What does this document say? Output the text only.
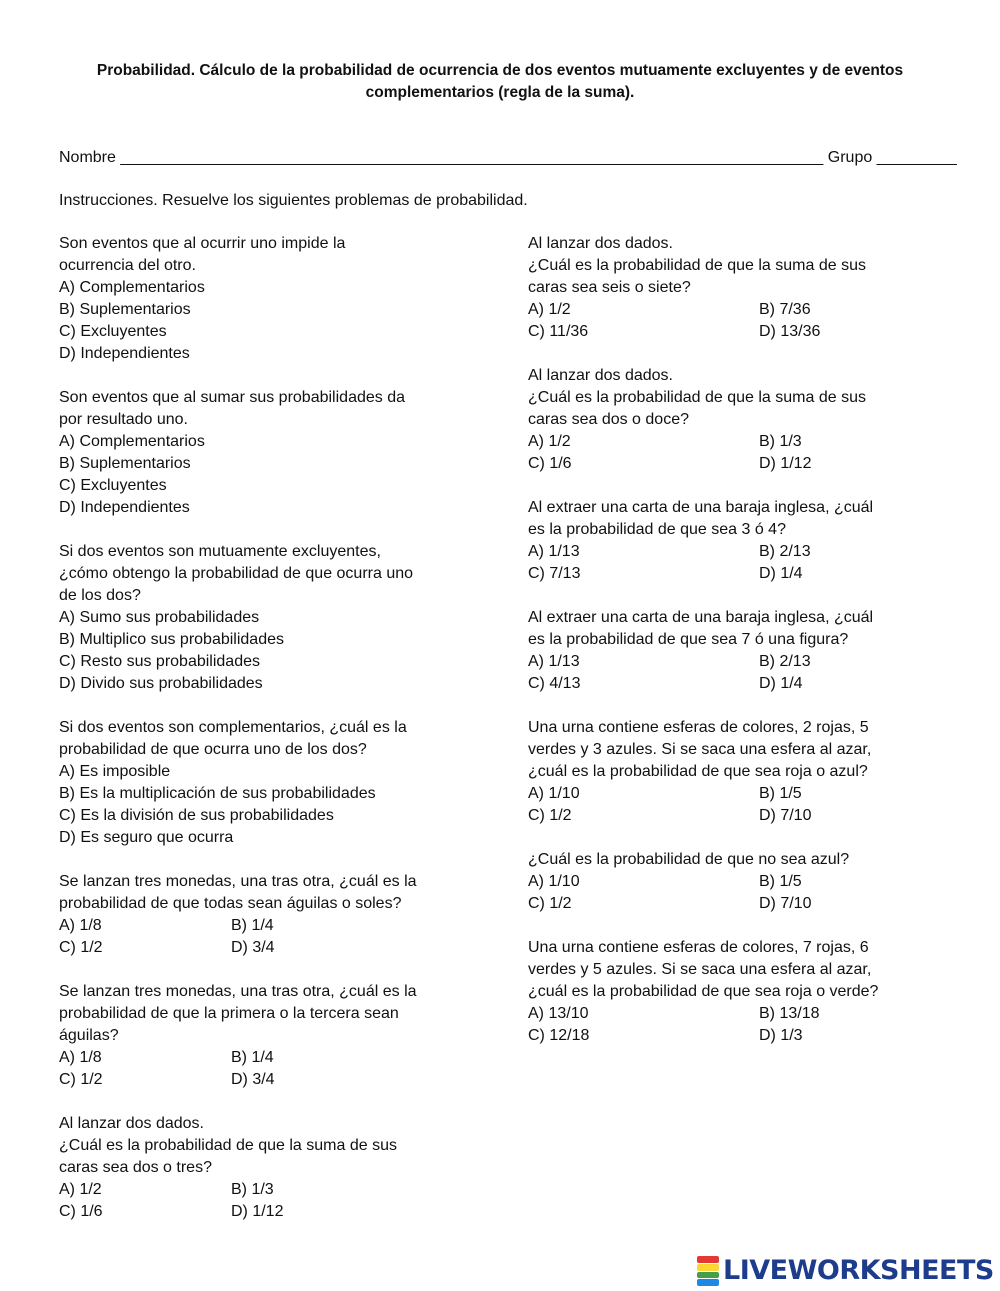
Probabilidad. Cálculo de la probabilidad de ocurrencia de dos eventos mutuamente excluyentes y de eventos complementarios (regla de la suma).
Nombre _______________________________________________________________________________ Grupo _________
Instrucciones. Resuelve los siguientes problemas de probabilidad.
Son eventos que al ocurrir uno impide la
ocurrencia del otro.
A) Complementarios
B) Suplementarios
C) Excluyentes
D) Independientes
Son eventos que al sumar sus probabilidades da
por resultado uno.
A) Complementarios
B) Suplementarios
C) Excluyentes
D) Independientes
Si dos eventos son mutuamente excluyentes,
¿cómo obtengo la probabilidad de que ocurra uno
de los dos?
A) Sumo sus probabilidades
B) Multiplico sus probabilidades
C) Resto sus probabilidades
D) Divido sus probabilidades
Si dos eventos son complementarios, ¿cuál es la
probabilidad de que ocurra uno de los dos?
A) Es imposible
B) Es la multiplicación de sus probabilidades
C) Es la división de sus probabilidades
D) Es seguro que ocurra
Se lanzan tres monedas, una tras otra, ¿cuál es la
probabilidad de que todas sean águilas o soles?
A) 1/8	B) 1/4
C) 1/2	D) 3/4
Se lanzan tres monedas, una tras otra, ¿cuál es la
probabilidad de que la primera o la tercera sean
águilas?
A) 1/8	B) 1/4
C) 1/2	D) 3/4
Al lanzar dos dados.
¿Cuál es la probabilidad de que la suma de sus
caras sea dos o tres?
A) 1/2	B) 1/3
C) 1/6	D) 1/12
Al lanzar dos dados.
¿Cuál es la probabilidad de que la suma de sus
caras sea seis o siete?
A) 1/2	B) 7/36
C) 11/36	D) 13/36
Al lanzar dos dados.
¿Cuál es la probabilidad de que la suma de sus
caras sea dos o doce?
A) 1/2	B) 1/3
C) 1/6	D) 1/12
Al extraer una carta de una baraja inglesa, ¿cuál
es la probabilidad de que sea 3 ó 4?
A) 1/13	B) 2/13
C) 7/13	D) 1/4
Al extraer una carta de una baraja inglesa, ¿cuál
es la probabilidad de que sea 7 ó una figura?
A) 1/13	B) 2/13
C) 4/13	D) 1/4
Una urna contiene esferas de colores, 2 rojas, 5
verdes y 3 azules. Si se saca una esfera al azar,
¿cuál es la probabilidad de que sea roja o azul?
A) 1/10	B) 1/5
C) 1/2	D) 7/10
¿Cuál es la probabilidad de que no sea azul?
A) 1/10	B) 1/5
C) 1/2	D) 7/10
Una urna contiene esferas de colores, 7 rojas, 6
verdes y 5 azules. Si se saca una esfera al azar,
¿cuál es la probabilidad de que sea roja o verde?
A) 13/10	B) 13/18
C) 12/18	D) 1/3
LIVEWORKSHEETS
